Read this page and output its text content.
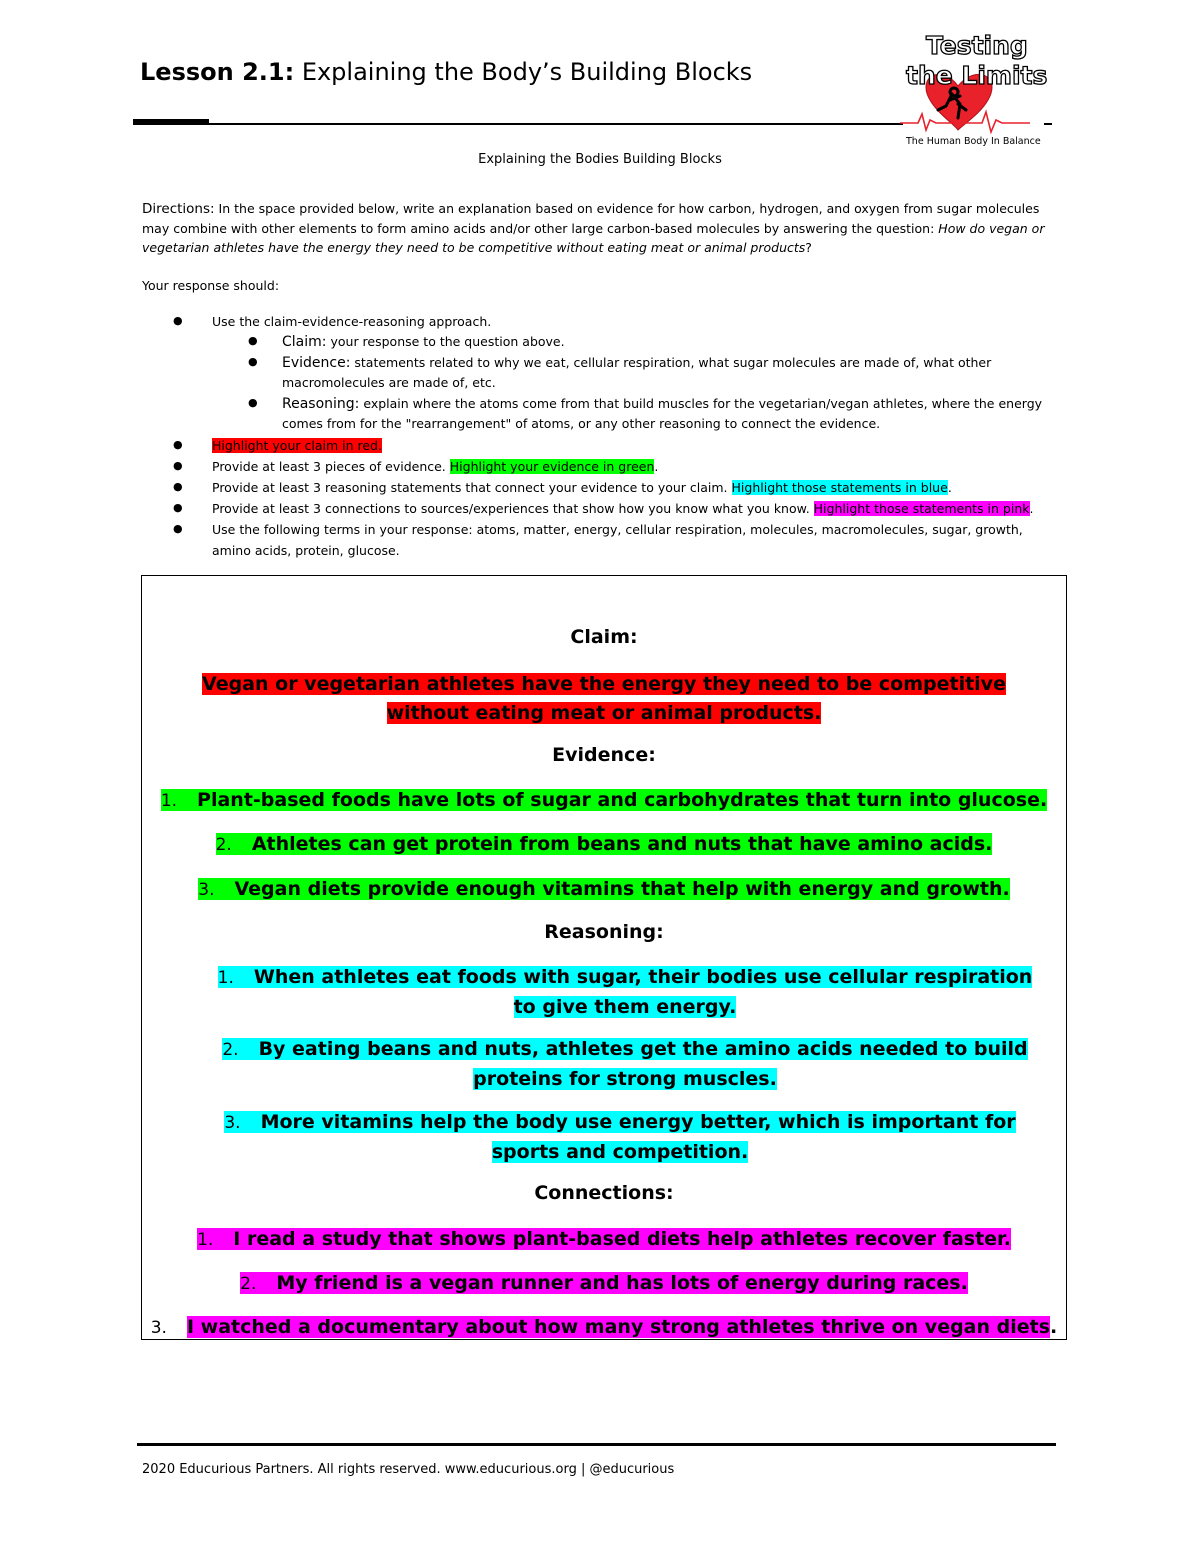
Lesson 2.1: Explaining the Body’s Building Blocks
Testing
the Limits
The Human Body In Balance
Explaining the Bodies Building Blocks
Directions: In the space provided below, write an explanation based on evidence for how carbon, hydrogen, and oxygen from sugar molecules may combine with other elements to form amino acids and/or other large carbon-based molecules by answering the question: How do vegan or vegetarian athletes have the energy they need to be competitive without eating meat or animal products?
Your response should:
● Use the claim-evidence-reasoning approach.
● Claim: your response to the question above.
● Evidence: statements related to why we eat, cellular respiration, what sugar molecules are made of, what other macromolecules are made of, etc.
● Reasoning: explain where the atoms come from that build muscles for the vegetarian/vegan athletes, where the energy comes from for the "rearrangement" of atoms, or any other reasoning to connect the evidence.
● Highlight your claim in red.
● Provide at least 3 pieces of evidence. Highlight your evidence in green.
● Provide at least 3 reasoning statements that connect your evidence to your claim. Highlight those statements in blue.
● Provide at least 3 connections to sources/experiences that show how you know what you know. Highlight those statements in pink.
● Use the following terms in your response: atoms, matter, energy, cellular respiration, molecules, macromolecules, sugar, growth, amino acids, protein, glucose.
Claim:
Vegan or vegetarian athletes have the energy they need to be competitive without eating meat or animal products.
Evidence:
1. Plant-based foods have lots of sugar and carbohydrates that turn into glucose.
2. Athletes can get protein from beans and nuts that have amino acids.
3. Vegan diets provide enough vitamins that help with energy and growth.
Reasoning:
1. When athletes eat foods with sugar, their bodies use cellular respiration to give them energy.
2. By eating beans and nuts, athletes get the amino acids needed to build proteins for strong muscles.
3. More vitamins help the body use energy better, which is important for sports and competition.
Connections:
1. I read a study that shows plant-based diets help athletes recover faster.
2. My friend is a vegan runner and has lots of energy during races.
3. I watched a documentary about how many strong athletes thrive on vegan diets.
2020 Educurious Partners. All rights reserved. www.educurious.org | @educurious
